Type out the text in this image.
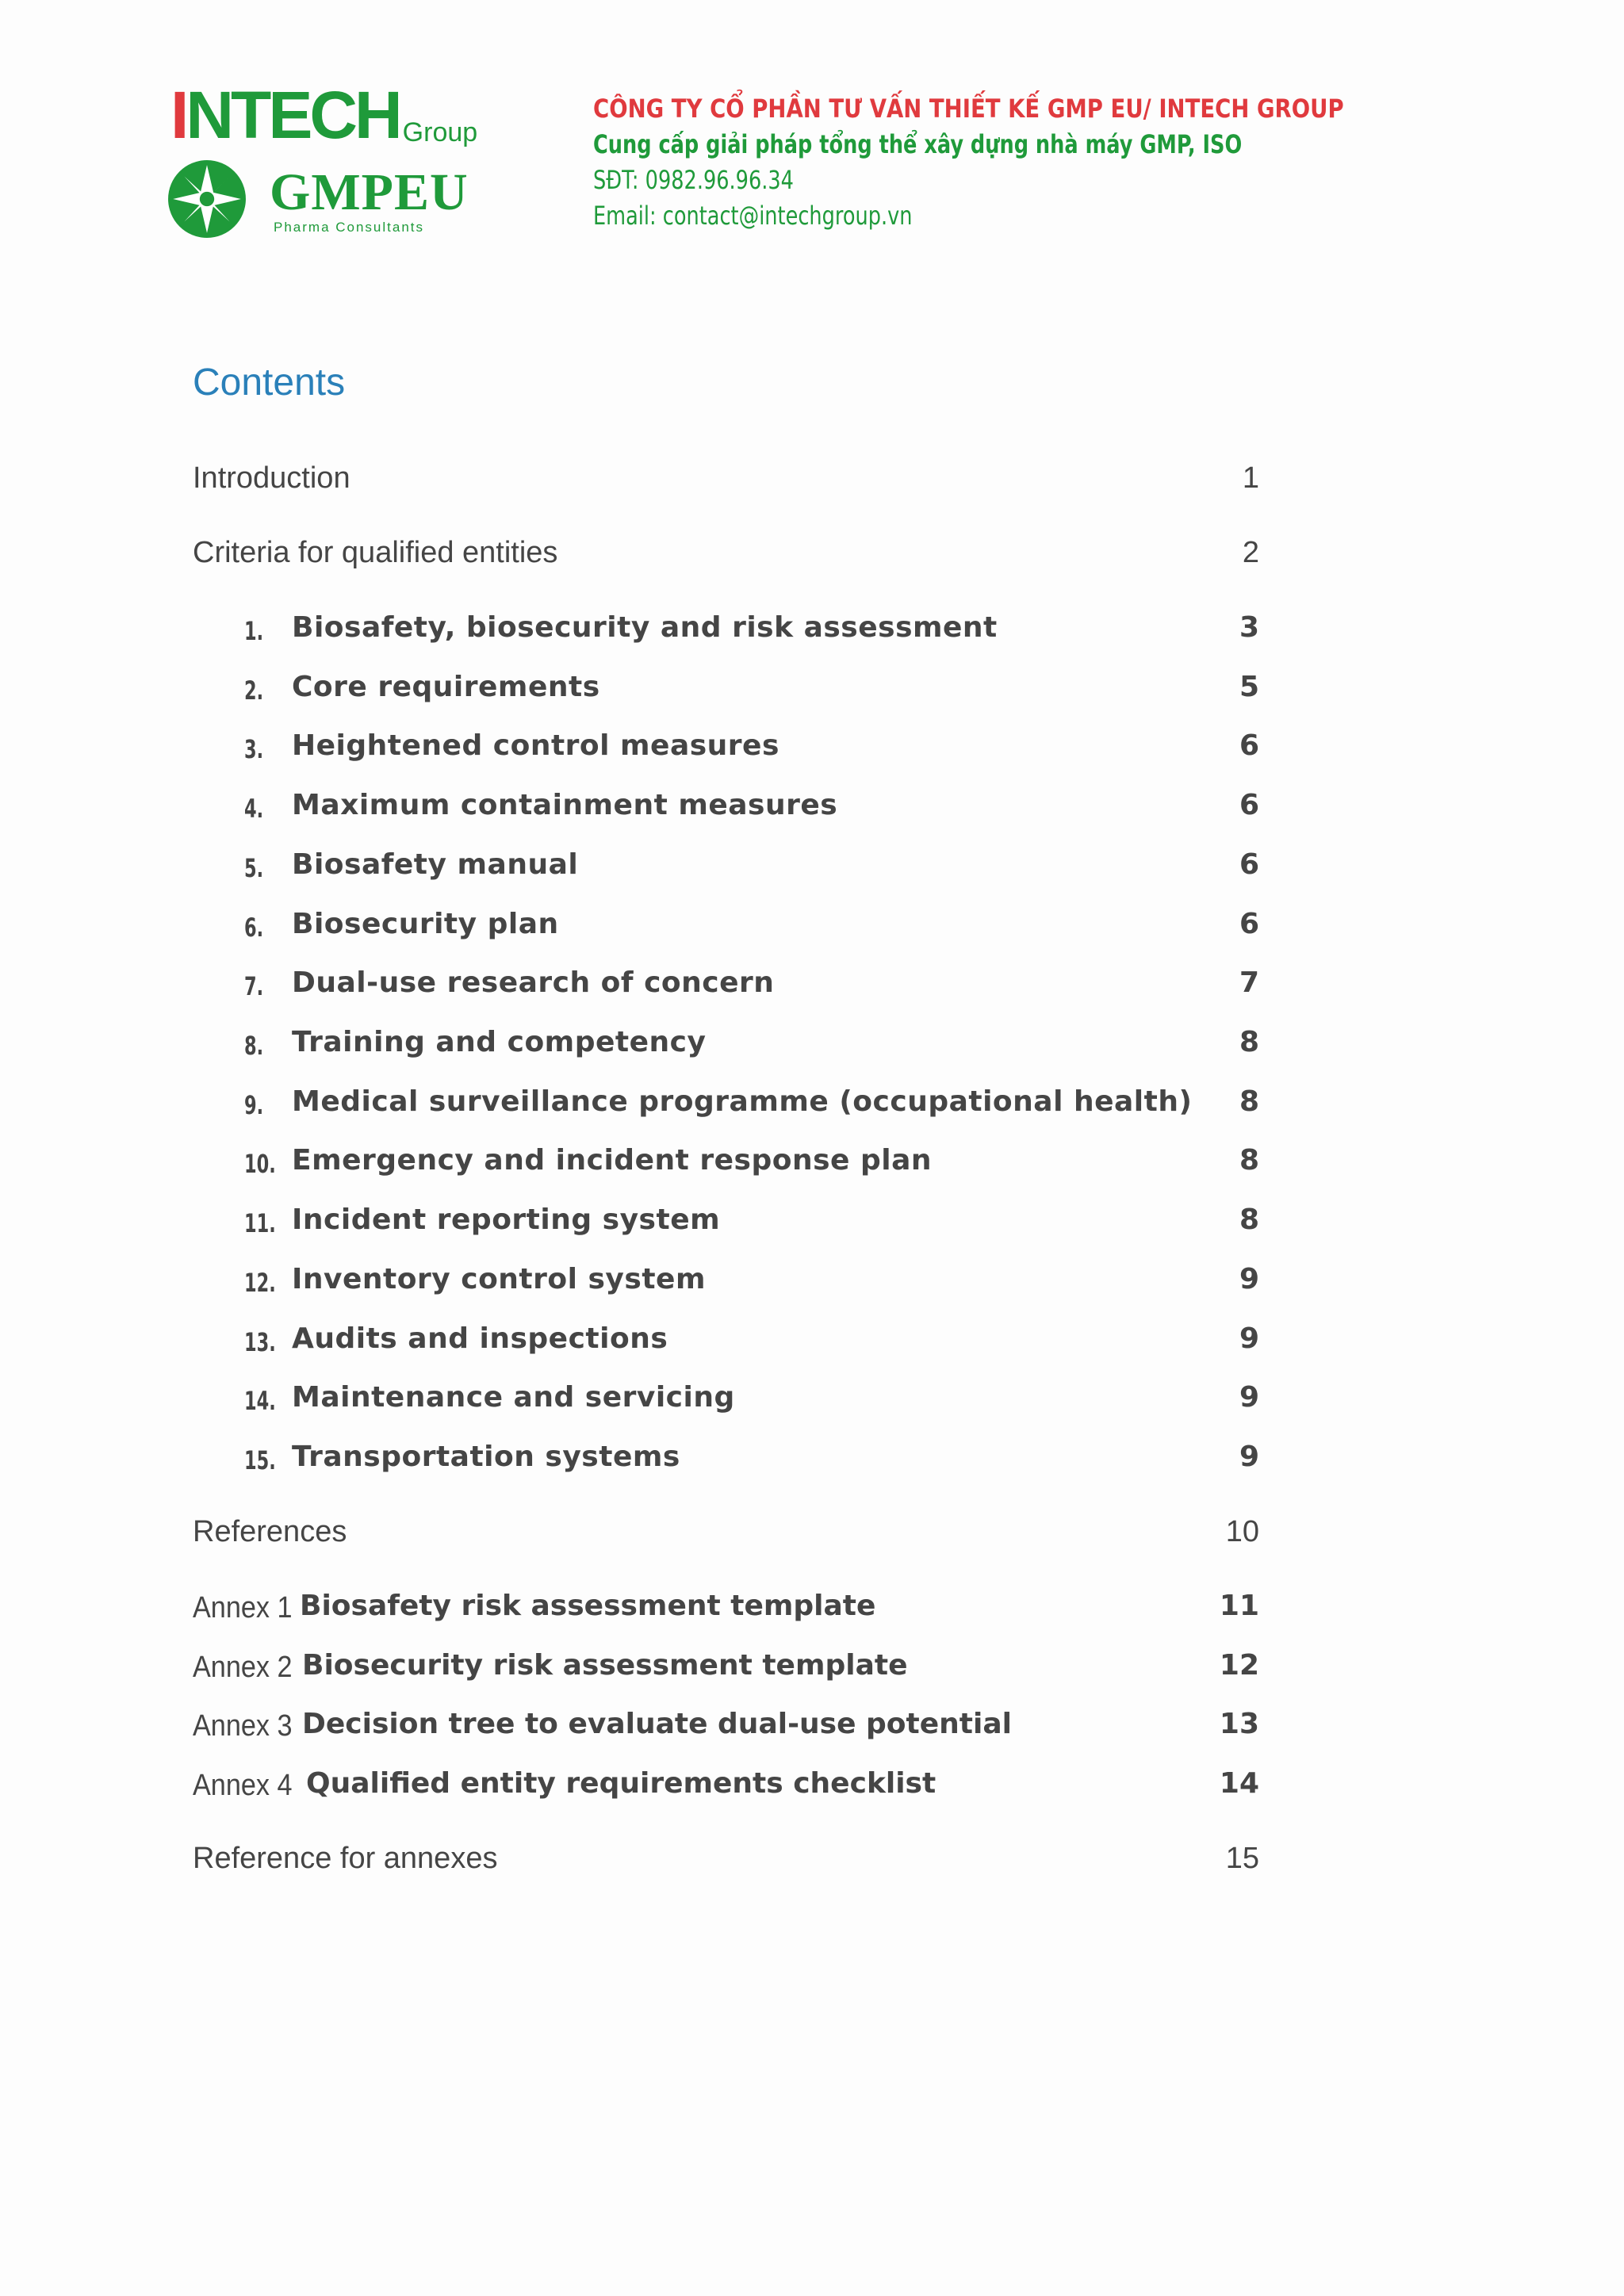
INTECH Group
GMPEU
Pharma Consultants
CÔNG TY CỔ PHẦN TƯ VẤN THIẾT KẾ GMP EU/ INTECH GROUP
Cung cấp giải pháp tổng thể xây dựng nhà máy GMP, ISO
SĐT: 0982.96.96.34
Email: contact@intechgroup.vn
Contents
Introduction	1
Criteria for qualified entities	2
1. Biosafety, biosecurity and risk assessment	3
2. Core requirements	5
3. Heightened control measures	6
4. Maximum containment measures	6
5. Biosafety manual	6
6. Biosecurity plan	6
7. Dual-use research of concern	7
8. Training and competency	8
9. Medical surveillance programme (occupational health) 8
10. Emergency and incident response plan	8
11. Incident reporting system	8
12. Inventory control system	9
13. Audits and inspections	9
14. Maintenance and servicing	9
15. Transportation systems	9
References	10
Annex 1 Biosafety risk assessment template	11
Annex 2 Biosecurity risk assessment template	12
Annex 3 Decision tree to evaluate dual-use potential	13
Annex 4 Qualified entity requirements checklist	14
Reference for annexes	15
